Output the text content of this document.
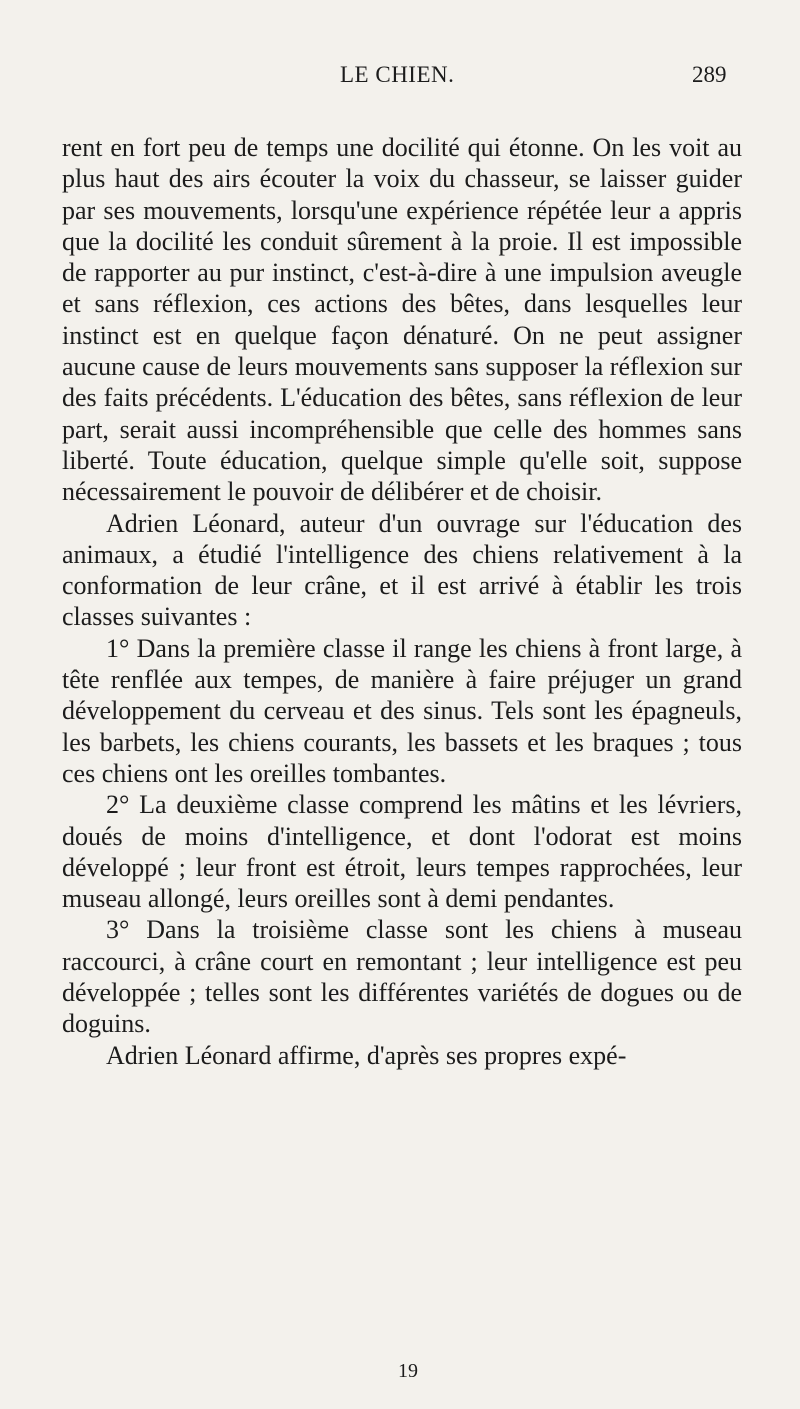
LE CHIEN.	289

rent en fort peu de temps une docilité qui étonne. On les voit au plus haut des airs écouter la voix du chasseur, se laisser guider par ses mouvements, lorsqu'une expérience répétée leur a appris que la docilité les conduit sûrement à la proie. Il est impossible de rapporter au pur instinct, c'est-à-dire à une impulsion aveugle et sans réflexion, ces actions des bêtes, dans lesquelles leur instinct est en quelque façon dénaturé. On ne peut assigner aucune cause de leurs mouvements sans supposer la réflexion sur des faits précédents. L'éducation des bêtes, sans réflexion de leur part, serait aussi incompréhensible que celle des hommes sans liberté. Toute éducation, quelque simple qu'elle soit, suppose nécessairement le pouvoir de délibérer et de choisir.

Adrien Léonard, auteur d'un ouvrage sur l'éducation des animaux, a étudié l'intelligence des chiens relativement à la conformation de leur crâne, et il est arrivé à établir les trois classes suivantes :

1° Dans la première classe il range les chiens à front large, à tête renflée aux tempes, de manière à faire préjuger un grand développement du cerveau et des sinus. Tels sont les épagneuls, les barbets, les chiens courants, les bassets et les braques ; tous ces chiens ont les oreilles tombantes.

2° La deuxième classe comprend les mâtins et les lévriers, doués de moins d'intelligence, et dont l'odorat est moins développé ; leur front est étroit, leurs tempes rapprochées, leur museau allongé, leurs oreilles sont à demi pendantes.

3° Dans la troisième classe sont les chiens à museau raccourci, à crâne court en remontant ; leur intelligence est peu développée ; telles sont les différentes variétés de dogues ou de doguins.

Adrien Léonard affirme, d'après ses propres expé-

19
